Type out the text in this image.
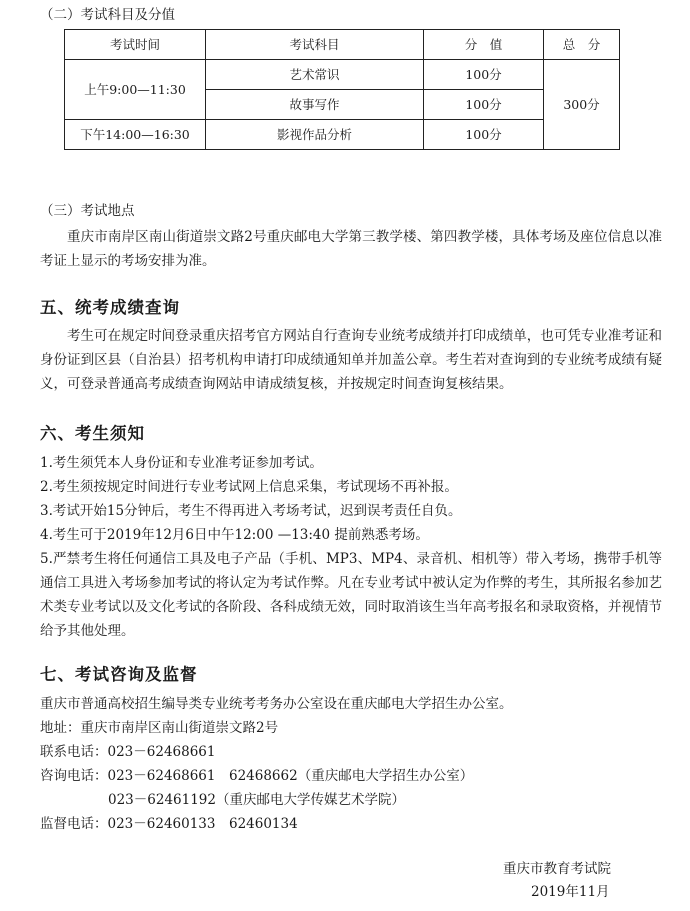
（二）考试科目及分值
考试时间	考试科目	分　值	总　分
上午9:00—11:30	艺术常识	100分	300分
	故事写作	100分	
下午14:00—16:30	影视作品分析	100分	
（三）考试地点

重庆市南岸区南山街道崇文路2号重庆邮电大学第三教学楼、第四教学楼，具体考场及座位信息以准考证上显示的考场安排为准。

五、统考成绩查询

考生可在规定时间登录重庆招考官方网站自行查询专业统考成绩并打印成绩单，也可凭专业准考证和身份证到区县（自治县）招考机构申请打印成绩通知单并加盖公章。考生若对查询到的专业统考成绩有疑义，可登录普通高考成绩查询网站申请成绩复核，并按规定时间查询复核结果。

六、考生须知
1.考生须凭本人身份证和专业准考证参加考试。
2.考生须按规定时间进行专业考试网上信息采集，考试现场不再补报。
3.考试开始15分钟后，考生不得再进入考场考试，迟到误考责任自负。
4.考生可于2019年12月6日中午12:00 —13:40 提前熟悉考场。
5.严禁考生将任何通信工具及电子产品（手机、MP3、MP4、录音机、相机等）带入考场，携带手机等通信工具进入考场参加考试的将认定为考试作弊。凡在专业考试中被认定为作弊的考生，其所报名参加艺术类专业考试以及文化考试的各阶段、各科成绩无效，同时取消该生当年高考报名和录取资格，并视情节给予其他处理。
七、考试咨询及监督
重庆市普通高校招生编导类专业统考考务办公室设在重庆邮电大学招生办公室。
地址：重庆市南岸区南山街道崇文路2号
联系电话：023－62468661
咨询电话：023－62468661　62468662（重庆邮电大学招生办公室）
023－62461192（重庆邮电大学传媒艺术学院）
监督电话：023－62460133　62460134
重庆市教育考试院
2019年11月
